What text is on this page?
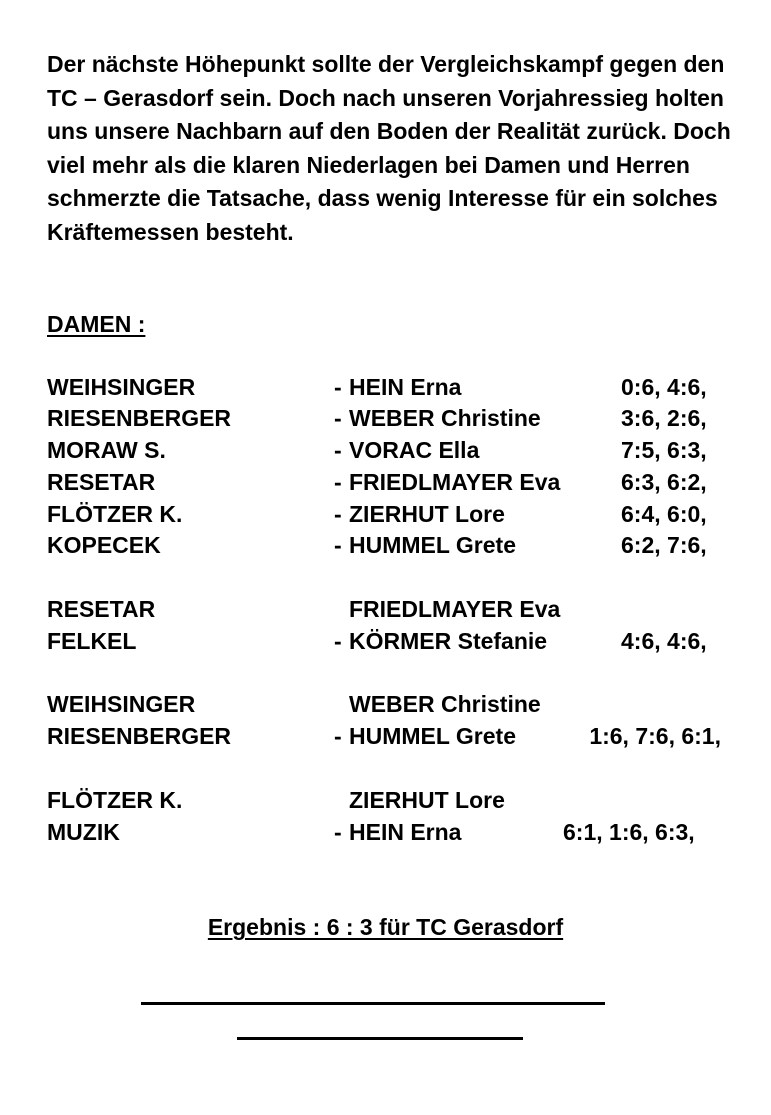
Der nächste Höhepunkt sollte der Vergleichskampf gegen den TC – Gerasdorf sein. Doch nach unseren Vorjahressieg holten uns unsere Nachbarn auf den Boden der Realität zurück. Doch viel mehr als die klaren Niederlagen bei Damen und Herren schmerzte die Tatsache, dass wenig Interesse für ein solches Kräftemessen besteht.

DAMEN :
WEIHSINGER	- HEIN Erna	0:6, 4:6,
RIESENBERGER	- WEBER Christine	3:6, 2:6,
MORAW S.	- VORAC Ella	7:5, 6:3,
RESETAR	- FRIEDLMAYER Eva	6:3, 6:2,
FLÖTZER K.	- ZIERHUT Lore	6:4, 6:0,
KOPECEK	- HUMMEL Grete	6:2, 7:6,
RESETAR	FRIEDLMAYER Eva
FELKEL	- KÖRMER Stefanie	4:6, 4:6,
WEIHSINGER	WEBER Christine
RIESENBERGER	- HUMMEL Grete	1:6, 7:6, 6:1,
FLÖTZER K.	ZIERHUT Lore
MUZIK	- HEIN Erna	6:1, 1:6, 6:3,
Ergebnis : 6 : 3 für TC Gerasdorf
